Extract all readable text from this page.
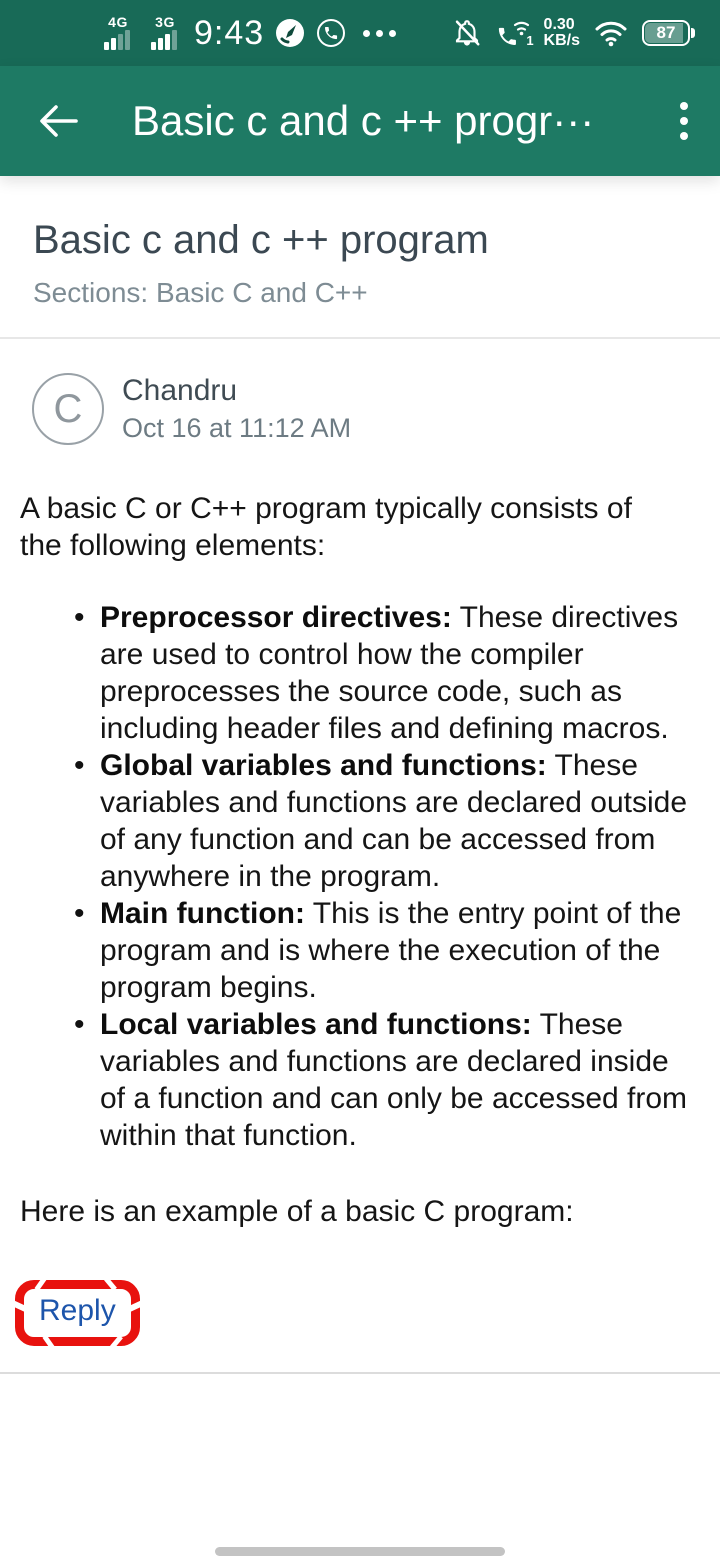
4G 3G 9:43	1
0.30
KB/s	87
Basic c and c ++ progr···
Basic c and c ++ program
Sections: Basic C and C++
C Chandru
Oct 16 at 11:12 AM

A basic C or C++ program typically consists of the following elements:

• Preprocessor directives: These directives are used to control how the compiler preprocesses the source code, such as including header files and defining macros.
• Global variables and functions: These variables and functions are declared outside of any function and can be accessed from anywhere in the program.
• Main function: This is the entry point of the program and is where the execution of the program begins.
• Local variables and functions: These variables and functions are declared inside of a function and can only be accessed from within that function.

Here is an example of a basic C program:

Reply
